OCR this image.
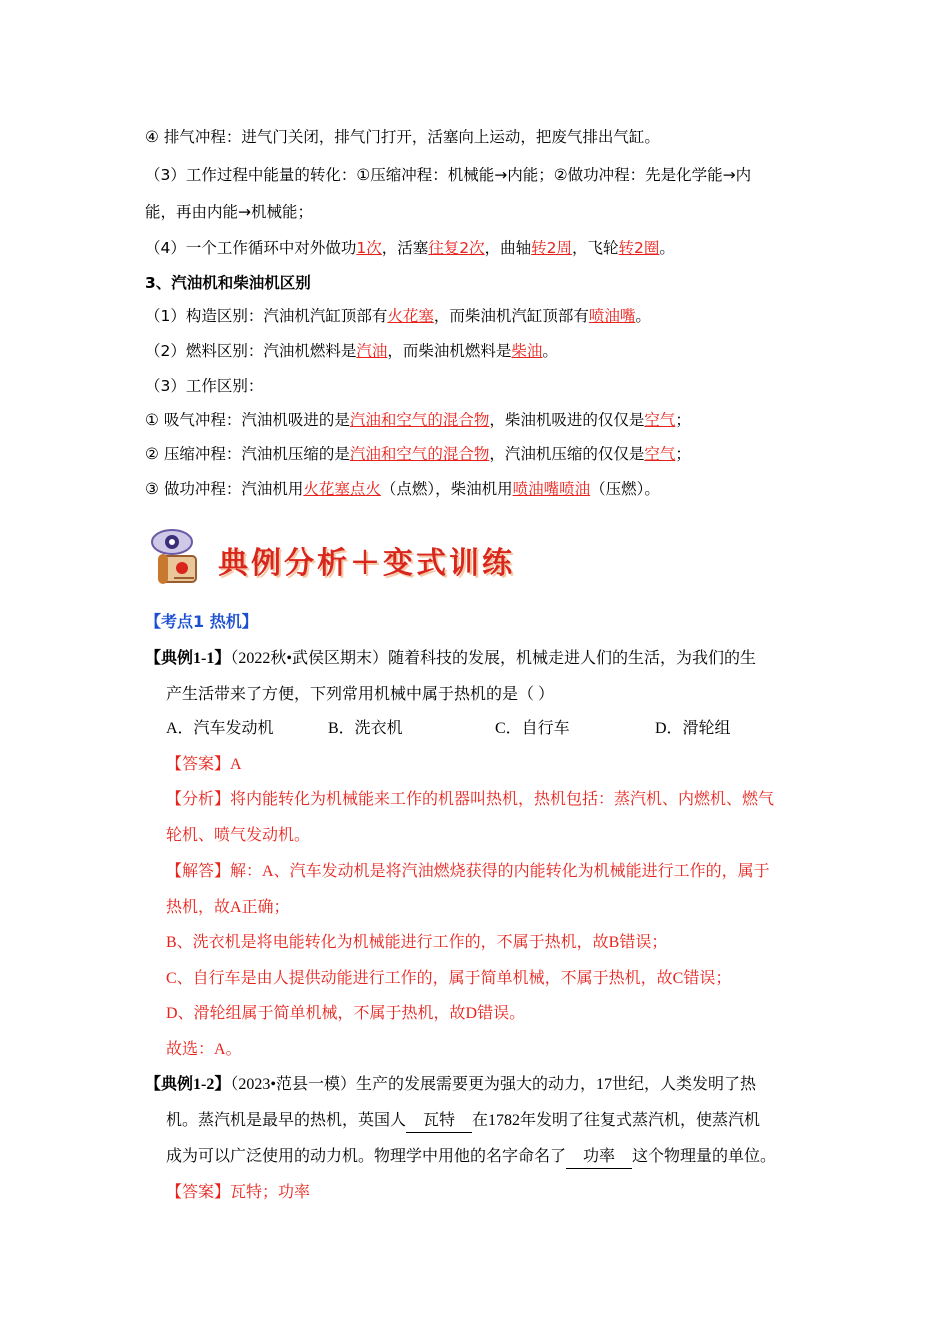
④ 排气冲程：进气门关闭，排气门打开，活塞向上运动，把废气排出气缸。
（3）工作过程中能量的转化：①压缩冲程：机械能→内能；②做功冲程：先是化学能→内
能，再由内能→机械能；
（4）一个工作循环中对外做功1次，活塞往复2次，曲轴转2周，飞轮转2圈。
3、汽油机和柴油机区别
（1）构造区别：汽油机汽缸顶部有火花塞，而柴油机汽缸顶部有喷油嘴。
（2）燃料区别：汽油机燃料是汽油，而柴油机燃料是柴油。
（3）工作区别：
① 吸气冲程：汽油机吸进的是汽油和空气的混合物，柴油机吸进的仅仅是空气；
② 压缩冲程：汽油机压缩的是汽油和空气的混合物，汽油机压缩的仅仅是空气；
③ 做功冲程：汽油机用火花塞点火（点燃），柴油机用喷油嘴喷油（压燃）。
典例分析＋变式训练
【考点1 热机】
【典例1-1】（2022秋•武侯区期末）随着科技的发展，机械走进人们的生活，为我们的生
产生活带来了方便，下列常用机械中属于热机的是（ ）
A．汽车发动机	B．洗衣机	C．自行车	D．滑轮组
【答案】A
【分析】将内能转化为机械能来工作的机器叫热机，热机包括：蒸汽机、内燃机、燃气
轮机、喷气发动机。
【解答】解：A、汽车发动机是将汽油燃烧获得的内能转化为机械能进行工作的，属于
热机，故A正确；
B、洗衣机是将电能转化为机械能进行工作的，不属于热机，故B错误；
C、自行车是由人提供动能进行工作的，属于简单机械，不属于热机，故C错误；
D、滑轮组属于简单机械，不属于热机，故D错误。
故选：A。
【典例1-2】（2023•范县一模）生产的发展需要更为强大的动力，17世纪，人类发明了热
机。蒸汽机是最早的热机，英国人 瓦特 在1782年发明了往复式蒸汽机，使蒸汽机
成为可以广泛使用的动力机。物理学中用他的名字命名了 功率 这个物理量的单位。
【答案】瓦特；功率
